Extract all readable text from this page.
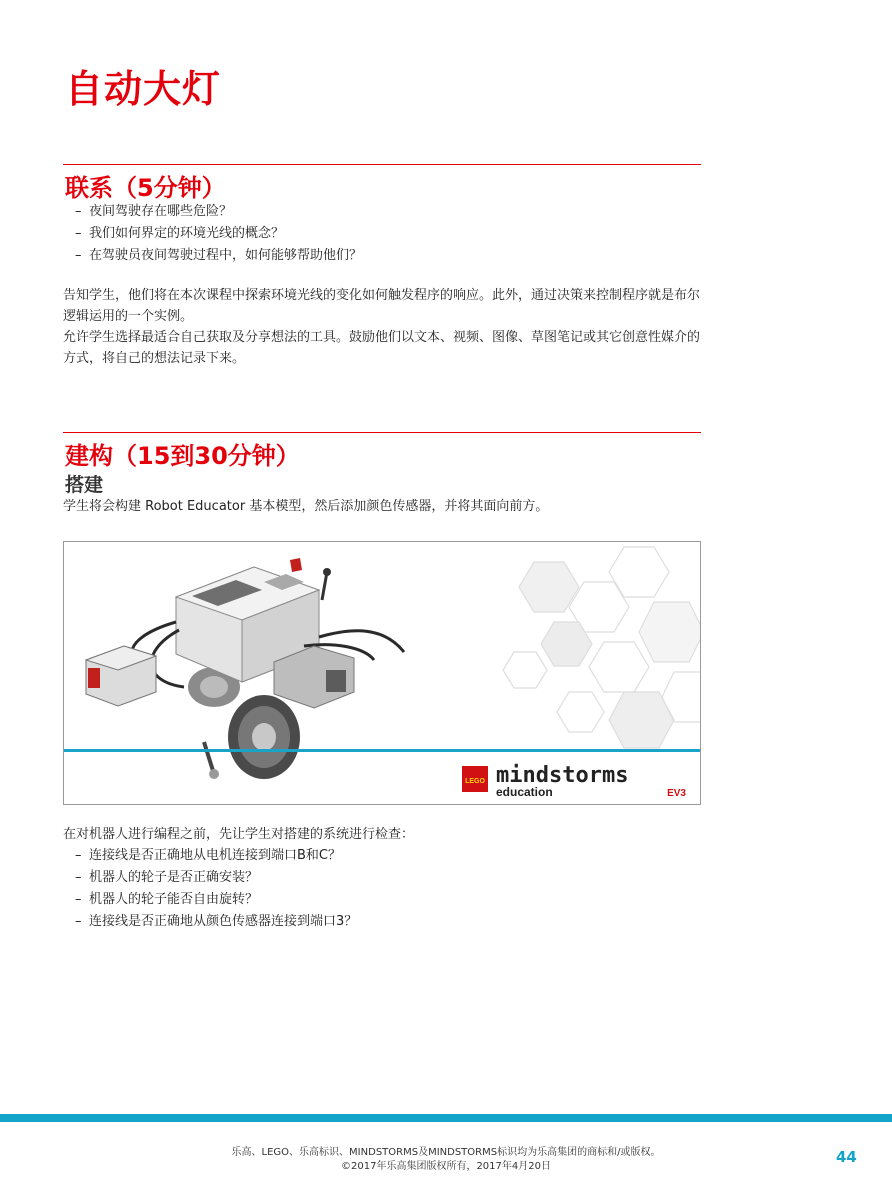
自动大灯
联系（5分钟）
– 夜间驾驶存在哪些危险？
– 我们如何界定的环境光线的概念？
– 在驾驶员夜间驾驶过程中，如何能够帮助他们？

告知学生，他们将在本次课程中探索环境光线的变化如何触发程序的响应。此外，通过决策来控制程序就是布尔逻辑运用的一个实例。

允许学生选择最适合自己获取及分享想法的工具。鼓励他们以文本、视频、图像、草图笔记或其它创意性媒介的方式，将自己的想法记录下来。

建构（15到30分钟）
搭建

学生将会构建 Robot Educator 基本模型，然后添加颜色传感器，并将其面向前方。

LEGO mindstorms
education	EV3

在对机器人进行编程之前，先让学生对搭建的系统进行检查：

– 连接线是否正确地从电机连接到端口B和C？
– 机器人的轮子是否正确安装？
– 机器人的轮子能否自由旋转？
– 连接线是否正确地从颜色传感器连接到端口3？

乐高、LEGO、乐高标识、MINDSTORMS及MINDSTORMS标识均为乐高集团的商标和/或版权。

©2017年乐高集团版权所有，2017年4月20日

44
